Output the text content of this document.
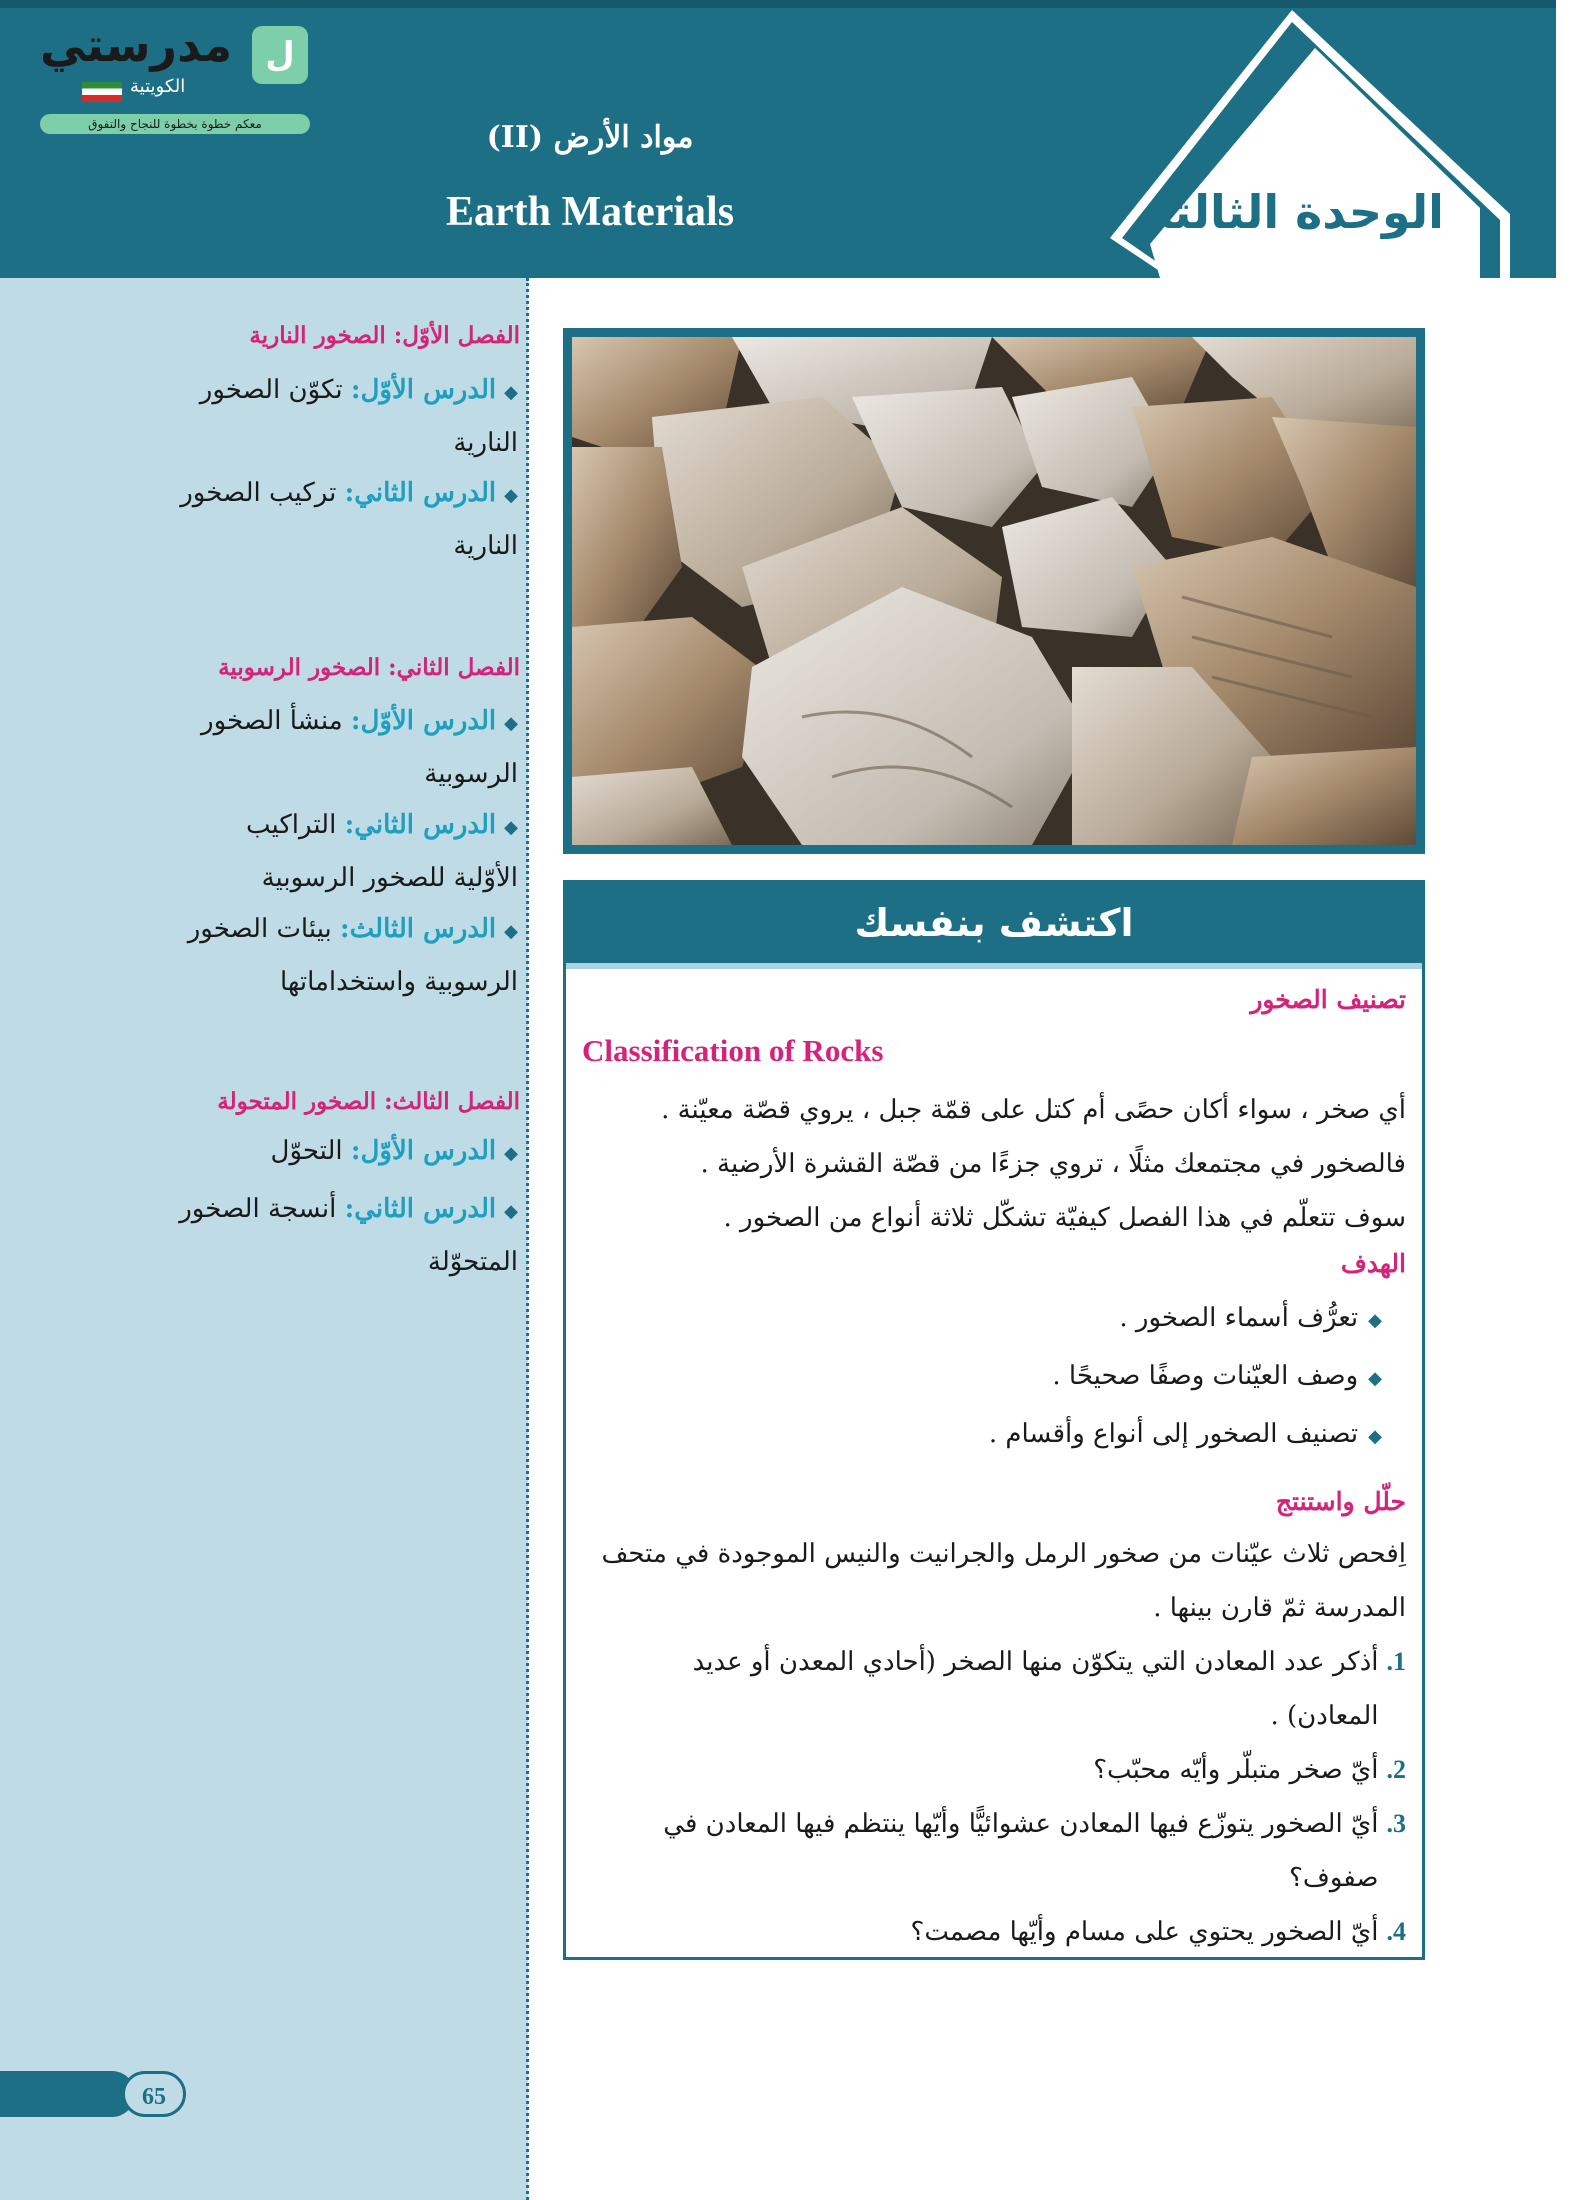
مدرستي ل
الكويتية
معكم خطوة بخطوة للنجاح والتفوق	مواد الأرض (II)
Earth Materials	الوحدة الثالثة
الفصل الأوّل: الصخور النارية
◆الدرس الأوّل: تكوّن الصخور النارية
◆الدرس الثاني: تركيب الصخور النارية
الفصل الثاني: الصخور الرسوبية
◆الدرس الأوّل: منشأ الصخور الرسوبية
◆الدرس الثاني: التراكيب الأوّلية للصخور الرسوبية
◆الدرس الثالث: بيئات الصخور الرسوبية واستخداماتها
الفصل الثالث: الصخور المتحولة
◆الدرس الأوّل: التحوّل
◆الدرس الثاني: أنسجة الصخور المتحوّلة
65
اكتشف بنفسك
تصنيف الصخور
Classification of Rocks
أي صخر ، سواء أكان حصًى أم كتل على قمّة جبل ، يروي قصّة معيّنة .
فالصخور في مجتمعك مثلًا ، تروي جزءًا من قصّة القشرة الأرضية .
سوف تتعلّم في هذا الفصل كيفيّة تشكّل ثلاثة أنواع من الصخور .
الهدف
◆تعرُّف أسماء الصخور .
◆وصف العيّنات وصفًا صحيحًا .
◆تصنيف الصخور إلى أنواع وأقسام .
حلّل واستنتج
اِفحص ثلاث عيّنات من صخور الرمل والجرانيت والنيس الموجودة في متحف المدرسة ثمّ قارن بينها .
1.أذكر عدد المعادن التي يتكوّن منها الصخر (أحادي المعدن أو عديد المعادن) .
2.أيّ صخر متبلّر وأيّه محبّب؟
3.أيّ الصخور يتوزّع فيها المعادن عشوائيًّا وأيّها ينتظم فيها المعادن في صفوف؟
4.أيّ الصخور يحتوي على مسام وأيّها مصمت؟
